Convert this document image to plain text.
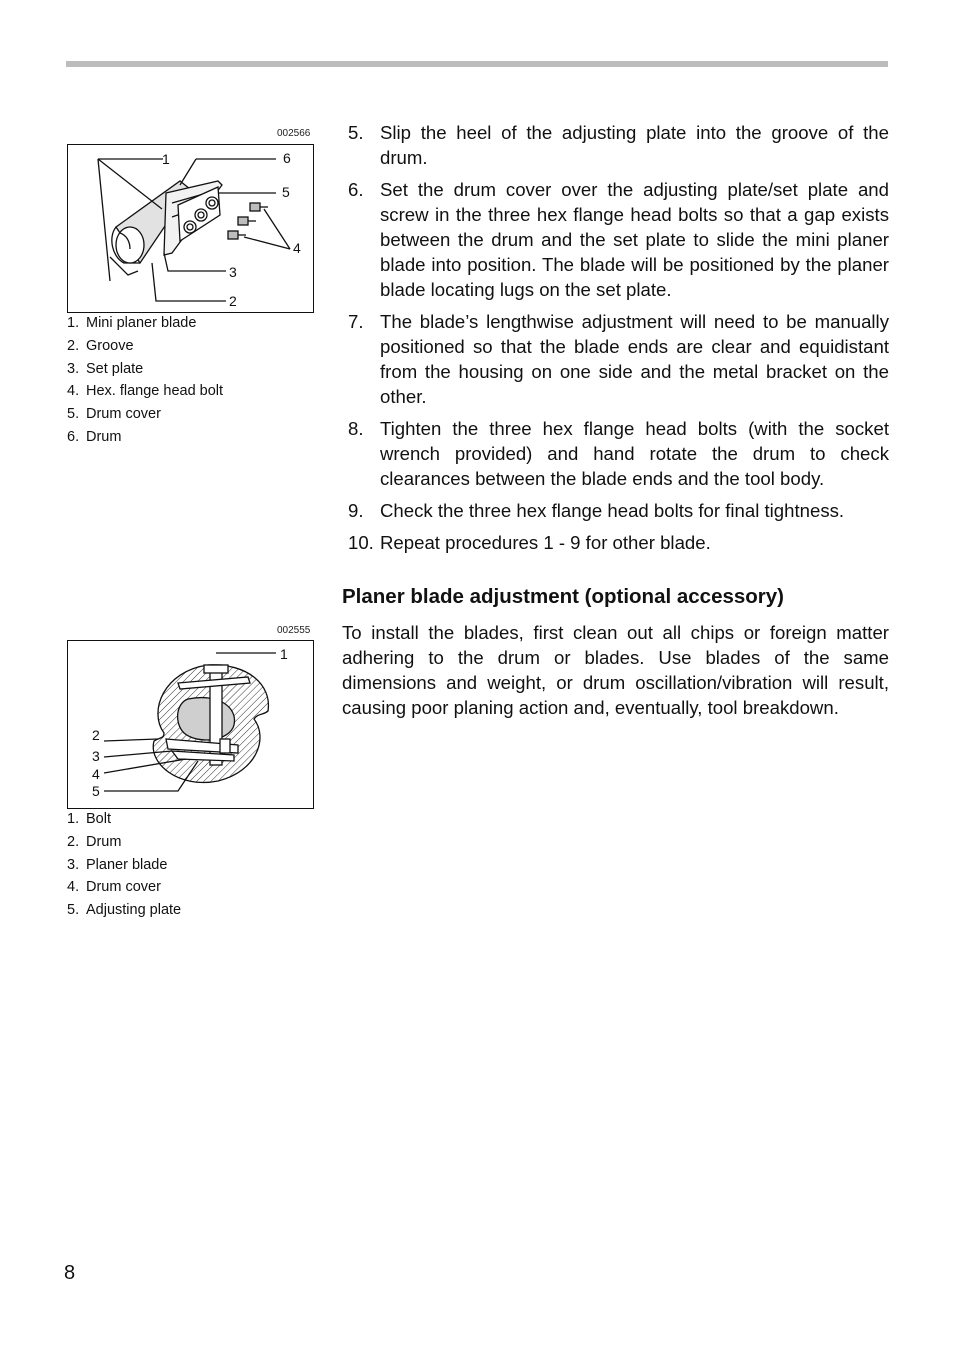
002566
1
2
3
4
5
6
1. Mini planer blade
2. Groove
3. Set plate
4. Hex. flange head bolt
5. Drum cover
6. Drum
002555
1
2
3
4
5
1. Bolt
2. Drum
3. Planer blade
4. Drum cover
5. Adjusting plate
5. Slip the heel of the adjusting plate into the groove of the drum.
6. Set the drum cover over the adjusting plate/set plate and screw in the three hex flange head bolts so that a gap exists between the drum and the set plate to slide the mini planer blade into position. The blade will be positioned by the planer blade locating lugs on the set plate.
7. The blade’s lengthwise adjustment will need to be manually positioned so that the blade ends are clear and equidistant from the housing on one side and the metal bracket on the other.
8. Tighten the three hex flange head bolts (with the socket wrench provided) and hand rotate the drum to check clearances between the blade ends and the tool body.
9. Check the three hex flange head bolts for final tightness.
10. Repeat procedures 1 - 9 for other blade.
Planer blade adjustment (optional accessory)

To install the blades, first clean out all chips or foreign matter adhering to the drum or blades. Use blades of the same dimensions and weight, or drum oscillation/vibration will result, causing poor planing action and, eventually, tool breakdown.

8
